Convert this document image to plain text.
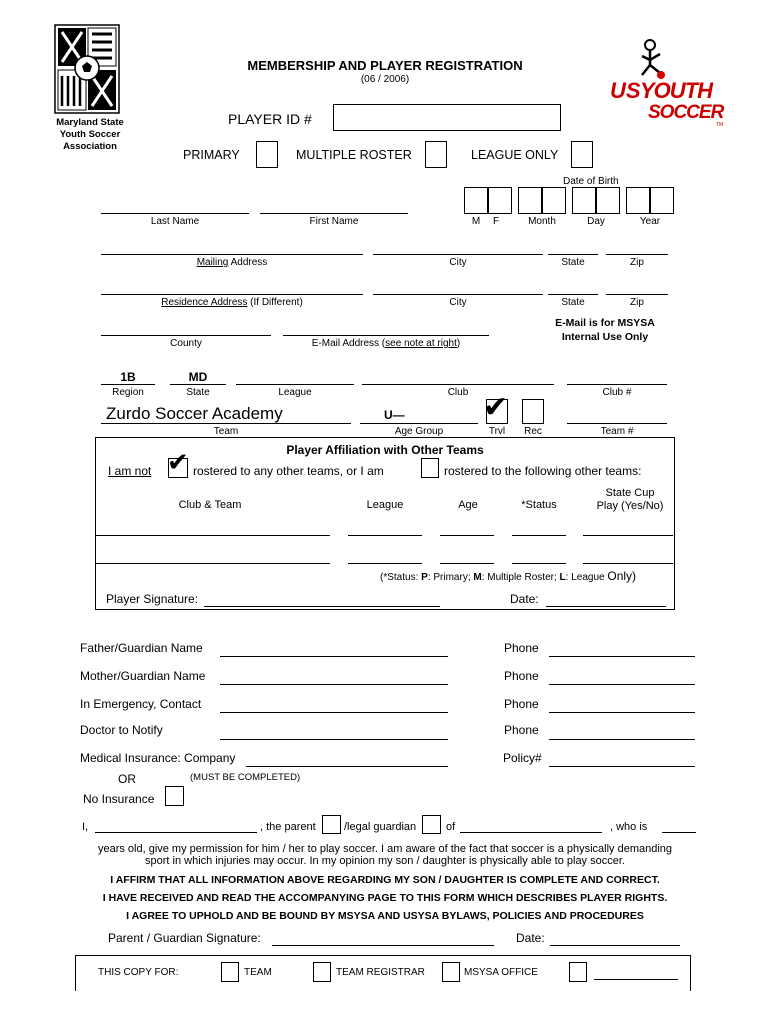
Maryland State
Youth Soccer
Association
MEMBERSHIP AND PLAYER REGISTRATION
(06 / 2006)
PLAYER ID #
US YOUTH
SOCCER
TM
PRIMARY	MULTIPLE ROSTER	LEAGUE ONLY
Date of Birth
Last Name	First Name	M	F	Month	Day	Year
Mailing Address	City	State	Zip
Residence Address (If Different)	City	State	Zip
County	E-Mail Address (see note at right)
E-Mail is for MSYSA
Internal Use Only
1B	MD
Region	State	League	Club	Club #
Zurdo Soccer Academy	U—	✔
Team	Age Group	Trvl	Rec	Team #
Player Affiliation with Other Teams
I am not ✔ rostered to any other teams, or I am	rostered to the following other teams:
Club & Team	League	Age	*Status
State Cup
Play (Yes/No)
(*Status: P: Primary; M: Multiple Roster; L: League Only)
Player Signature:	Date:
Father/Guardian Name	Phone
Mother/Guardian Name	Phone
In Emergency, Contact	Phone
Doctor to Notify	Phone
Medical Insurance: Company	Policy#
OR	(MUST BE COMPLETED)
No Insurance
I,	, the parent	/legal guardian	of	, who is
years old, give my permission for him / her to play soccer. I am aware of the fact that soccer is a physically demanding
sport in which injuries may occur. In my opinion my son / daughter is physically able to play soccer.
I AFFIRM THAT ALL INFORMATION ABOVE REGARDING MY SON / DAUGHTER IS COMPLETE AND CORRECT.
I HAVE RECEIVED AND READ THE ACCOMPANYING PAGE TO THIS FORM WHICH DESCRIBES PLAYER RIGHTS.
I AGREE TO UPHOLD AND BE BOUND BY MSYSA AND USYSA BYLAWS, POLICIES AND PROCEDURES
Parent / Guardian Signature:	Date:
THIS COPY FOR:	TEAM	TEAM REGISTRAR	MSYSA OFFICE
